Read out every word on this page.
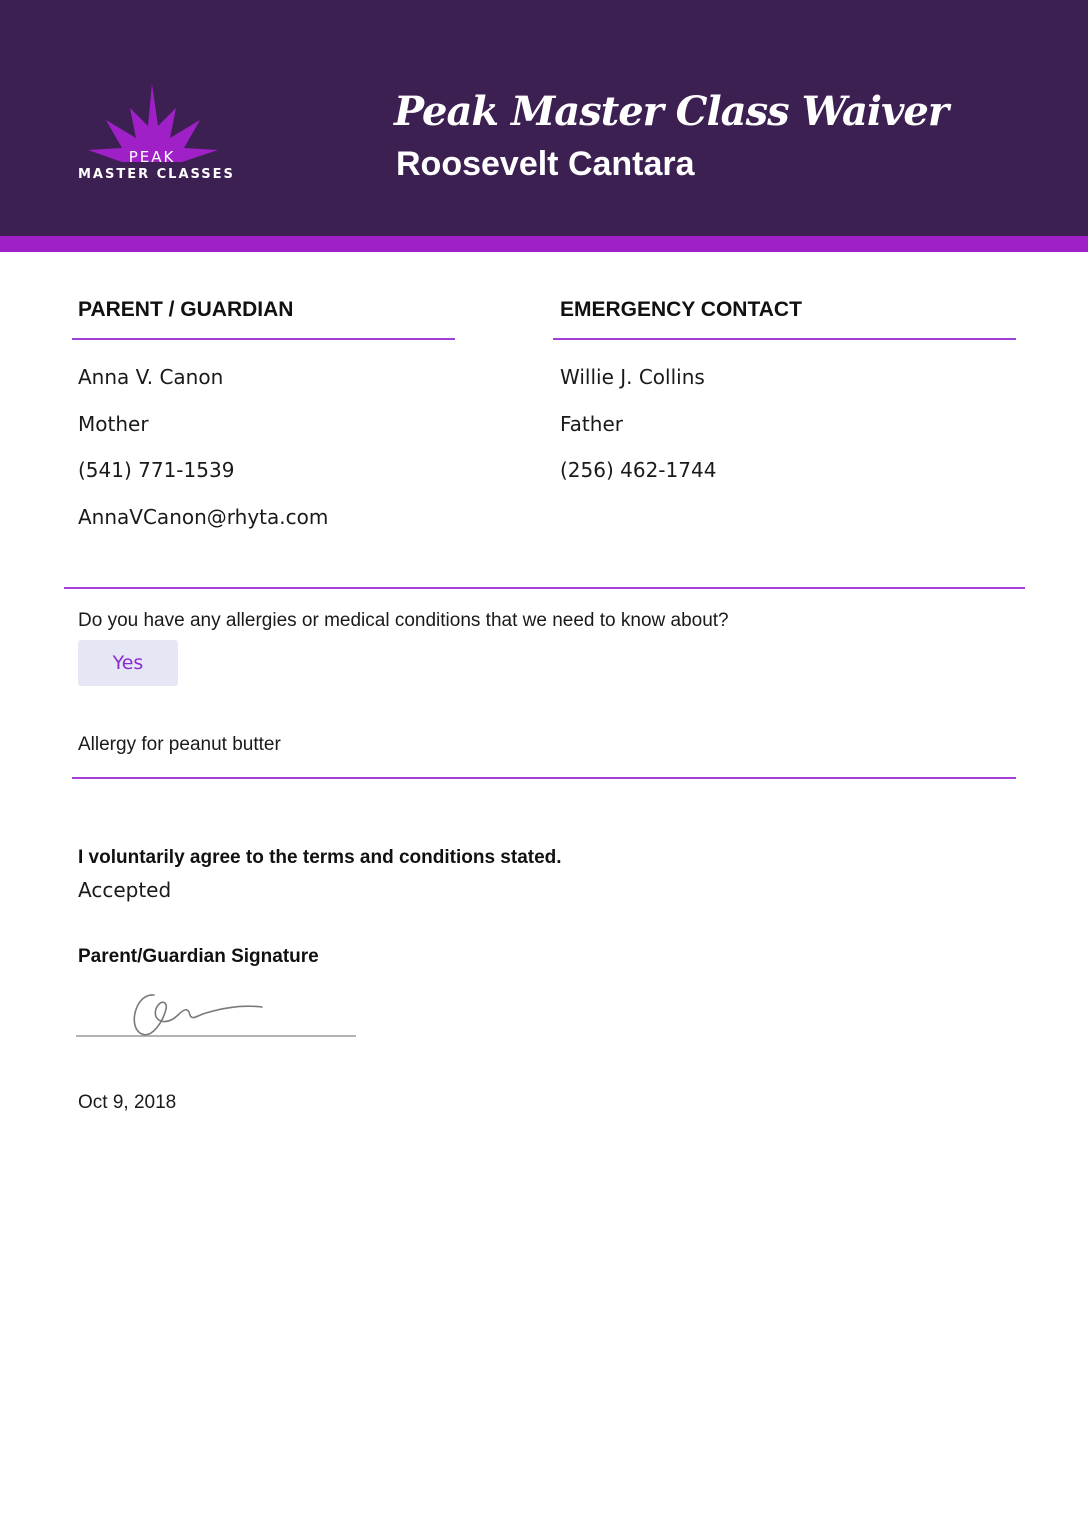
PEAK
MASTER CLASSES
Peak Master Class Waiver
Roosevelt Cantara
PARENT / GUARDIAN
Anna V. Canon
Mother
(541) 771-1539
AnnaVCanon@rhyta.com
EMERGENCY CONTACT
Willie J. Collins
Father
(256) 462-1744
Do you have any allergies or medical conditions that we need to know about?
Yes
Allergy for peanut butter
I voluntarily agree to the terms and conditions stated.
Accepted
Parent/Guardian Signature
Oct 9, 2018
